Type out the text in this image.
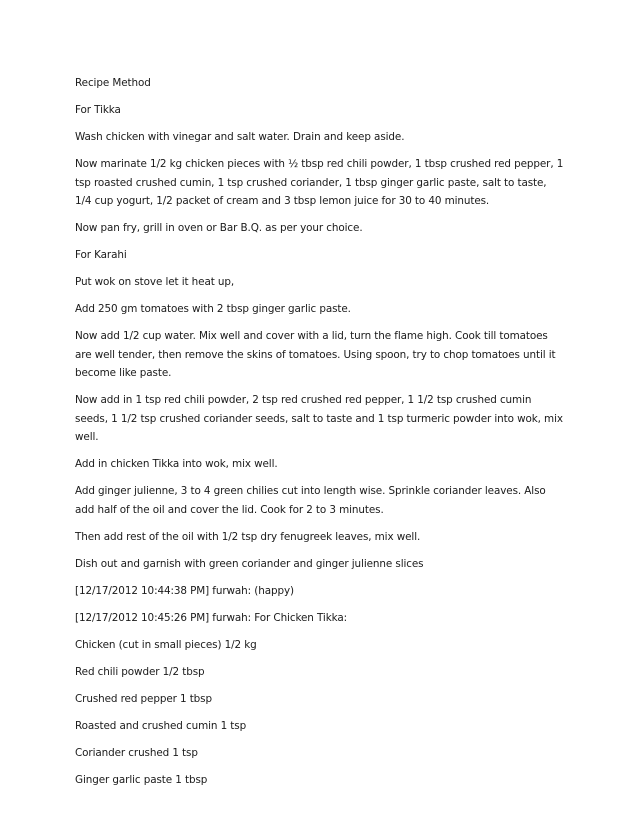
Recipe Method

For Tikka

Wash chicken with vinegar and salt water. Drain and keep aside.

Now marinate 1/2 kg chicken pieces with ½ tbsp red chili powder, 1 tbsp crushed red pepper, 1 tsp roasted crushed cumin, 1 tsp crushed coriander, 1 tbsp ginger garlic paste, salt to taste, 1/4 cup yogurt, 1/2 packet of cream and 3 tbsp lemon juice for 30 to 40 minutes.

Now pan fry, grill in oven or Bar B.Q. as per your choice.

For Karahi

Put wok on stove let it heat up,

Add 250 gm tomatoes with 2 tbsp ginger garlic paste.

Now add 1/2 cup water. Mix well and cover with a lid, turn the flame high. Cook till tomatoes are well tender, then remove the skins of tomatoes. Using spoon, try to chop tomatoes until it become like paste.

Now add in 1 tsp red chili powder, 2 tsp red crushed red pepper, 1 1/2 tsp crushed cumin seeds, 1 1/2 tsp crushed coriander seeds, salt to taste and 1 tsp turmeric powder into wok, mix well.

Add in chicken Tikka into wok, mix well.

Add ginger julienne, 3 to 4 green chilies cut into length wise. Sprinkle coriander leaves. Also add half of the oil and cover the lid. Cook for 2 to 3 minutes.

Then add rest of the oil with 1/2 tsp dry fenugreek leaves, mix well.

Dish out and garnish with green coriander and ginger julienne slices

[12/17/2012 10:44:38 PM] furwah: (happy)

[12/17/2012 10:45:26 PM] furwah: For Chicken Tikka:

Chicken (cut in small pieces) 1/2 kg

Red chili powder 1/2 tbsp

Crushed red pepper 1 tbsp

Roasted and crushed cumin 1 tsp

Coriander crushed 1 tsp

Ginger garlic paste 1 tbsp
